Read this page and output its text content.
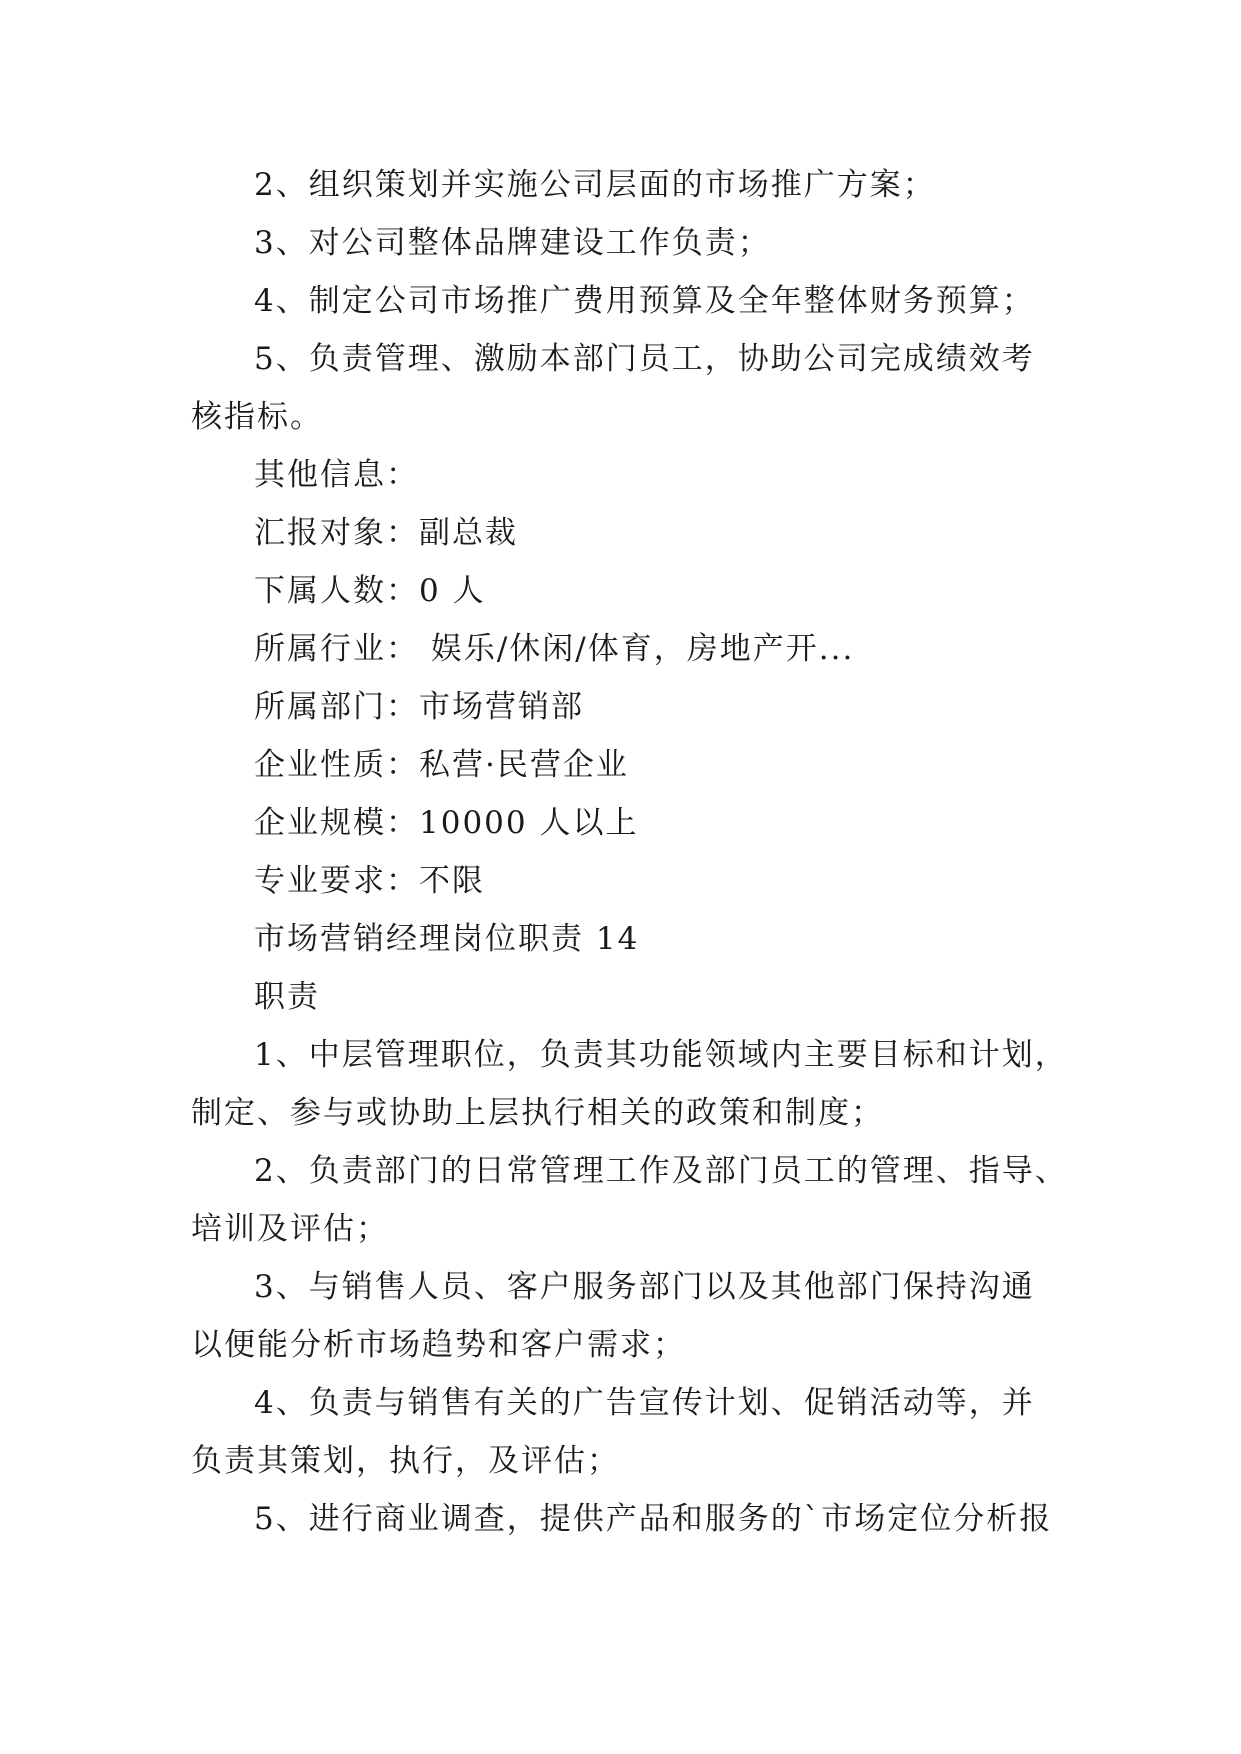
2、组织策划并实施公司层面的市场推广方案；
3、对公司整体品牌建设工作负责；
4、制定公司市场推广费用预算及全年整体财务预算；
5、负责管理、激励本部门员工，协助公司完成绩效考
核指标。
其他信息：
汇报对象：副总裁
下属人数：0 人
所属行业： 娱乐/休闲/体育，房地产开...
所属部门：市场营销部
企业性质：私营·民营企业
企业规模：10000 人以上
专业要求：不限
市场营销经理岗位职责 14
职责
1、中层管理职位，负责其功能领域内主要目标和计划，
制定、参与或协助上层执行相关的政策和制度；
2、负责部门的日常管理工作及部门员工的管理、指导、
培训及评估；
3、与销售人员、客户服务部门以及其他部门保持沟通
以便能分析市场趋势和客户需求；
4、负责与销售有关的广告宣传计划、促销活动等，并
负责其策划，执行，及评估；
5、进行商业调查，提供产品和服务的`市场定位分析报
